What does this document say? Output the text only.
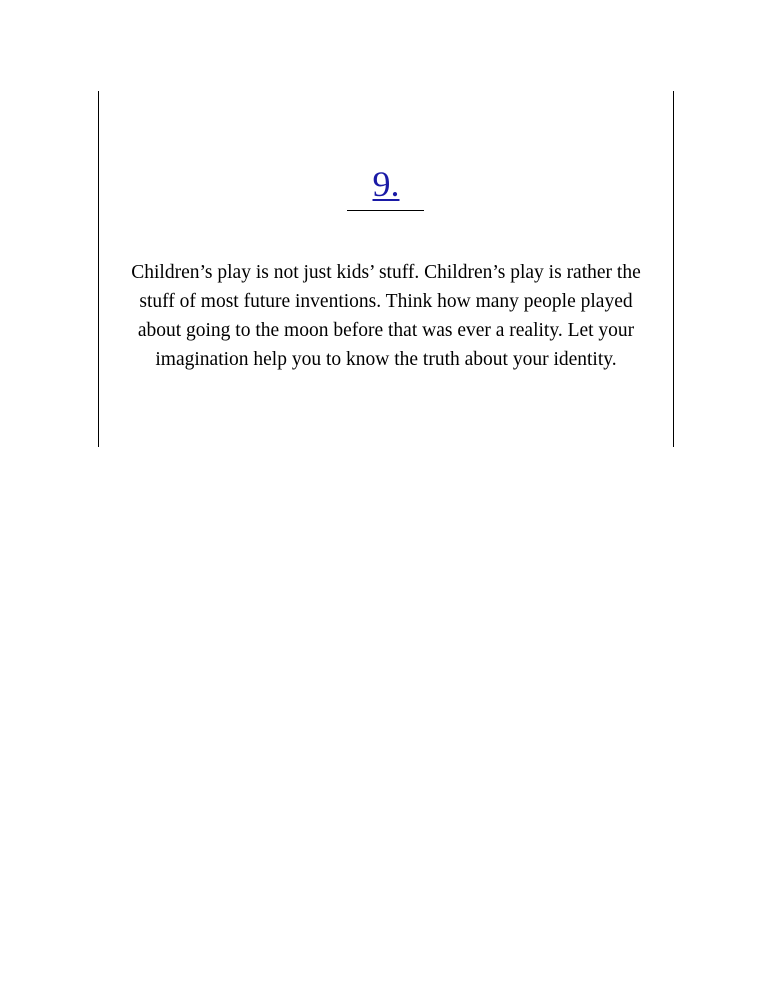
9.

Children’s play is not just kids’ stuff. Children’s play is rather the stuff of most future inventions. Think how many people played about going to the moon before that was ever a reality. Let your imagination help you to know the truth about your identity.
